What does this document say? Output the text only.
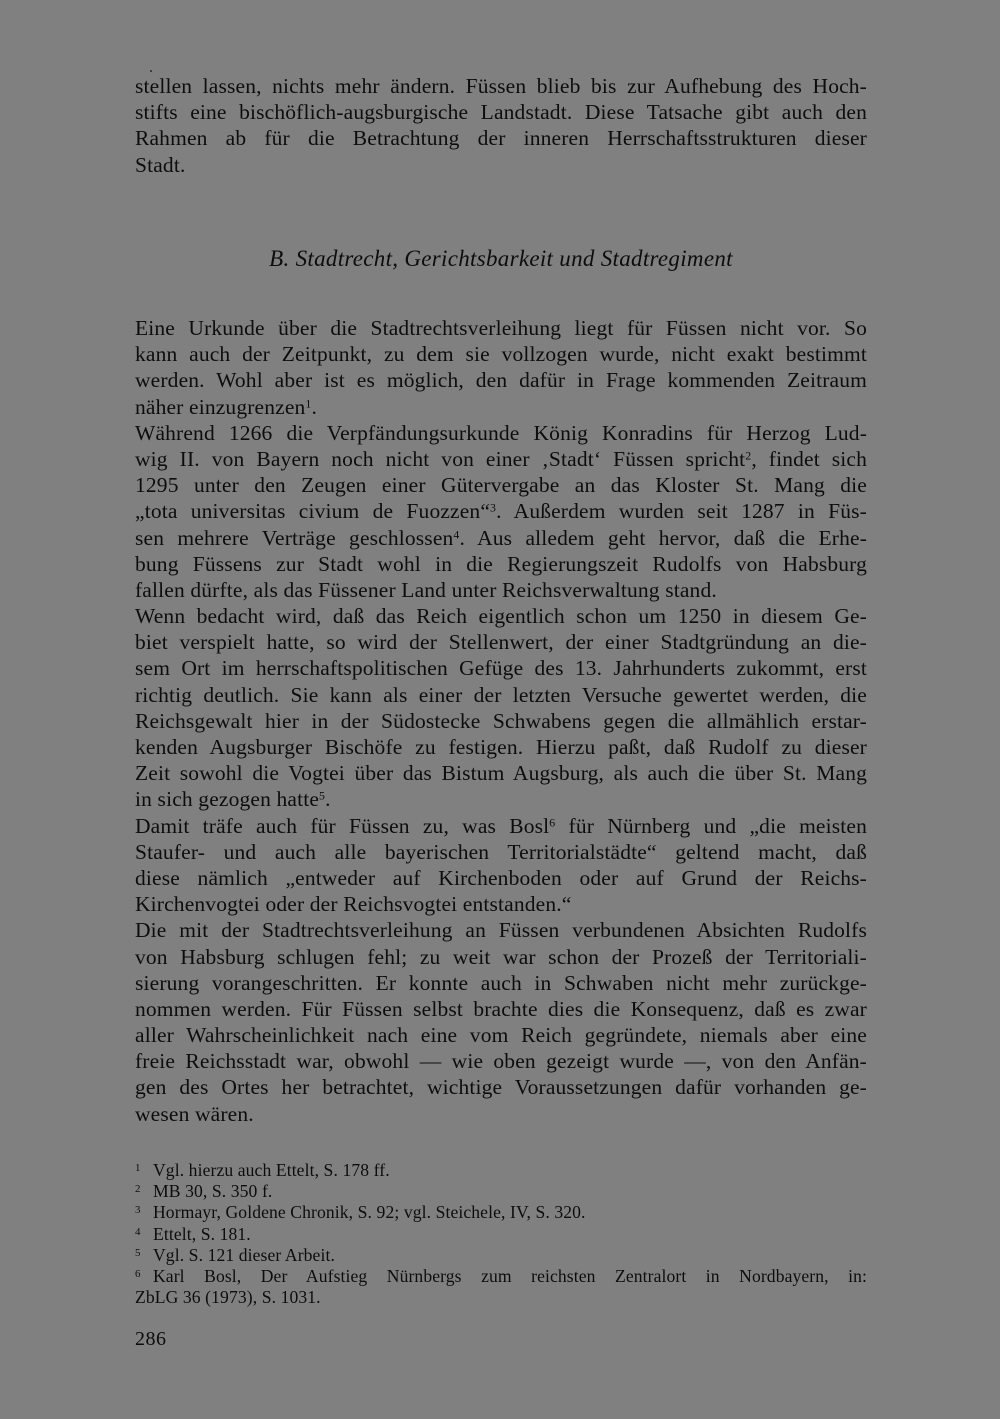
stellen lassen, nichts mehr ändern. Füssen blieb bis zur Aufhebung des Hoch-
stifts eine bischöflich-augsburgische Landstadt. Diese Tatsache gibt auch den
Rahmen ab für die Betrachtung der inneren Herrschaftsstrukturen dieser
Stadt.
B. Stadtrecht, Gerichtsbarkeit und Stadtregiment
Eine Urkunde über die Stadtrechtsverleihung liegt für Füssen nicht vor. So
kann auch der Zeitpunkt, zu dem sie vollzogen wurde, nicht exakt bestimmt
werden. Wohl aber ist es möglich, den dafür in Frage kommenden Zeitraum
näher einzugrenzen$^1$.
Während 1266 die Verpfändungsurkunde König Konradins für Herzog Lud-
wig II. von Bayern noch nicht von einer ‚Stadt‘ Füssen spricht$^2$, findet sich
1295 unter den Zeugen einer Gütervergabe an das Kloster St. Mang die
„tota universitas civium de Fuozzen“$^3$. Außerdem wurden seit 1287 in Füs-
sen mehrere Verträge geschlossen$^4$. Aus alledem geht hervor, daß die Erhe-
bung Füssens zur Stadt wohl in die Regierungszeit Rudolfs von Habsburg
fallen dürfte, als das Füssener Land unter Reichsverwaltung stand.
Wenn bedacht wird, daß das Reich eigentlich schon um 1250 in diesem Ge-
biet verspielt hatte, so wird der Stellenwert, der einer Stadtgründung an die-
sem Ort im herrschaftspolitischen Gefüge des 13. Jahrhunderts zukommt, erst
richtig deutlich. Sie kann als einer der letzten Versuche gewertet werden, die
Reichsgewalt hier in der Südostecke Schwabens gegen die allmählich erstar-
kenden Augsburger Bischöfe zu festigen. Hierzu paßt, daß Rudolf zu dieser
Zeit sowohl die Vogtei über das Bistum Augsburg, als auch die über St. Mang
in sich gezogen hatte$^5$.
Damit träfe auch für Füssen zu, was Bosl$^6$ für Nürnberg und „die meisten
Staufer- und auch alle bayerischen Territorialstädte“ geltend macht, daß
diese nämlich „entweder auf Kirchenboden oder auf Grund der Reichs-
Kirchenvogtei oder der Reichsvogtei entstanden.“
Die mit der Stadtrechtsverleihung an Füssen verbundenen Absichten Rudolfs
von Habsburg schlugen fehl; zu weit war schon der Prozeß der Territoriali-
sierung vorangeschritten. Er konnte auch in Schwaben nicht mehr zurückge-
nommen werden. Für Füssen selbst brachte dies die Konsequenz, daß es zwar
aller Wahrscheinlichkeit nach eine vom Reich gegründete, niemals aber eine
freie Reichsstadt war, obwohl — wie oben gezeigt wurde —, von den Anfän-
gen des Ortes her betrachtet, wichtige Voraussetzungen dafür vorhanden ge-
wesen wären.
1 Vgl. hierzu auch Ettelt, S. 178 ff.
2 MB 30, S. 350 f.
3 Hormayr, Goldene Chronik, S. 92; vgl. Steichele, IV, S. 320.
4 Ettelt, S. 181.
5 Vgl. S. 121 dieser Arbeit.
6 Karl Bosl, Der Aufstieg Nürnbergs zum reichsten Zentralort in Nordbayern, in:
ZbLG 36 (1973), S. 1031.
286
